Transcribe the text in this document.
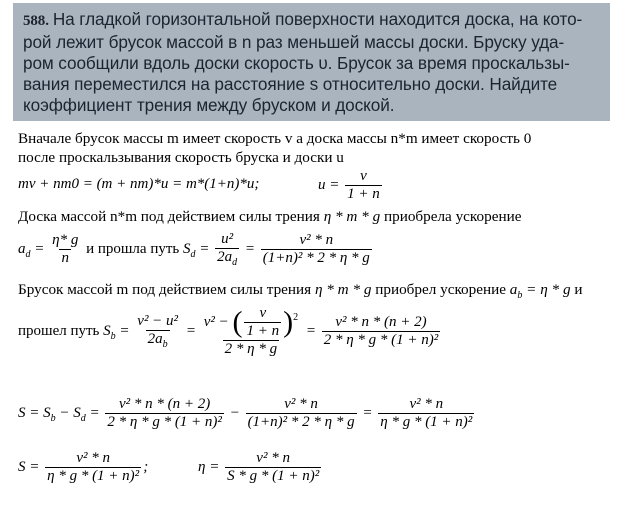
588. На гладкой горизонтальной поверхности находится доска, на кото-
рой лежит брусок массой в n раз меньшей массы доски. Бруску уда-
ром сообщили вдоль доски скорость υ. Брусок за время проскальзы-
вания переместился на расстояние s относительно доски. Найдите
коэффициент трения между бруском и доской.
Вначале брусок массы m имеет скорость v а доска массы n*m имеет скорость 0
после проскальзывания скорость бруска и доски u
mv + nm0 = (m + nm)*u = m*(1+n)*u;	$u = \frac{v}{1 + n}$
Доска массой n*m под действием силы трения η * m * g приобрела ускорение
$a_d = \frac{\eta* g}{n}$ и прошла путь $S_d = \frac{\text{u²}}{2a_d} = \frac{\text{v² * n}}{\text{(1+n)² * 2 * η * g}}$
Брусок массой m под действием силы трения η * m * g приобрел ускорение $a_b = \eta * g$ и
прошел путь $S_b = \frac{\text{v² − u²}}{2a_b} = \frac{v^2 - ( \frac{v}{1 + n} )^2}{2 * \eta * g} = \frac{\text{v² * n * (n + 2)}}{\text{2 * η * g * (1 + n)²}}$
$S = S_b - S_d = \frac{\text{v² * n * (n + 2)}}{\text{2 * η * g * (1 + n)²}} - \frac{\text{v² * n}}{\text{(1+n)² * 2 * η * g}} = \frac{\text{v² * n}}{\text{η * g * (1 + n)²}}$
$S = \frac{\text{v² * n}}{\text{η * g * (1 + n)²}}$ ;	$\eta = \frac{\text{v² * n}}{\text{S * g * (1 + n)²}}$
